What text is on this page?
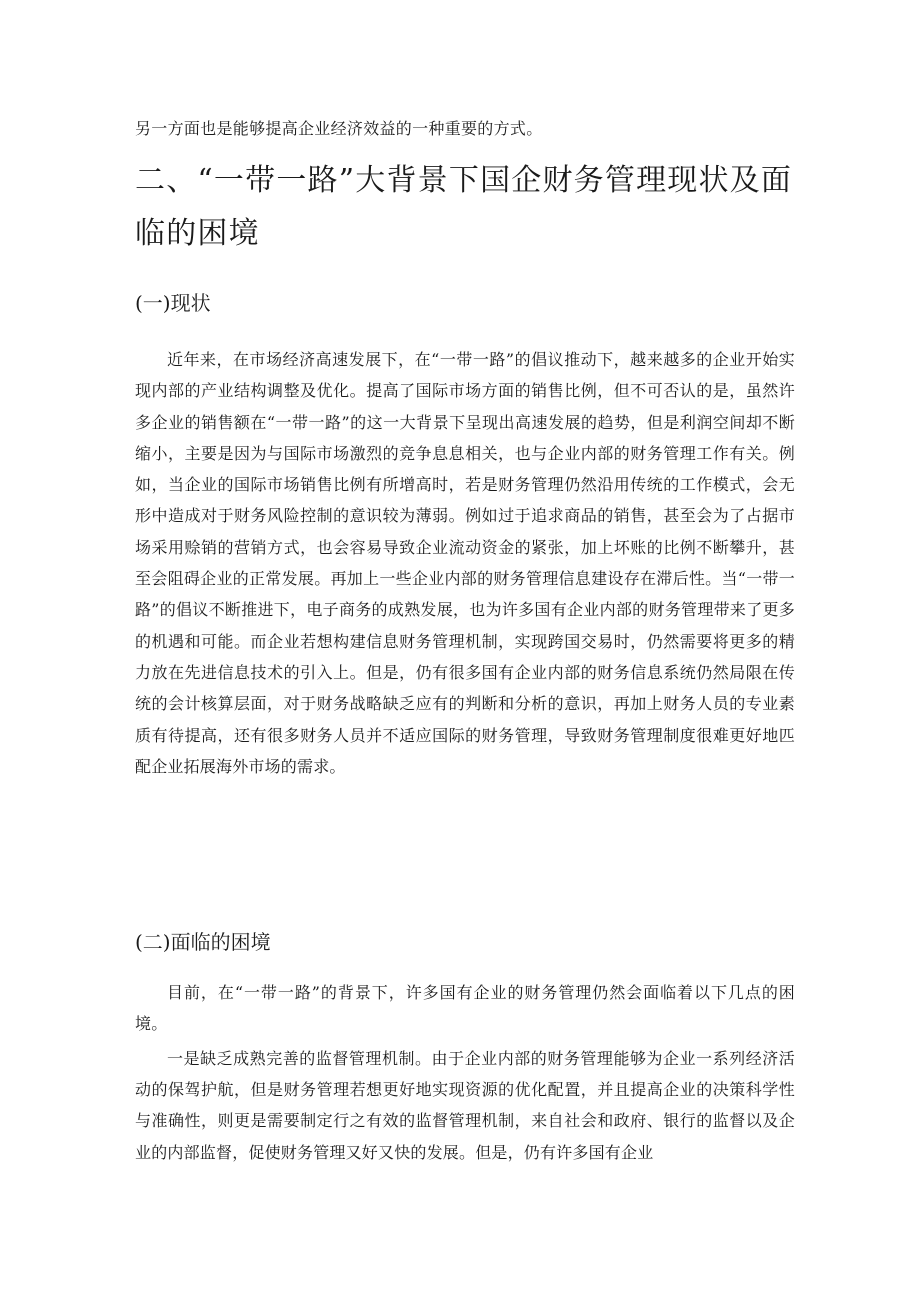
另一方面也是能够提高企业经济效益的一种重要的方式。
二、“一带一路”大背景下国企财务管理现状及面临的困境
(一)现状

近年来，在市场经济高速发展下，在“一带一路”的倡议推动下，越来越多的企业开始实现内部的产业结构调整及优化。提高了国际市场方面的销售比例，但不可否认的是，虽然许多企业的销售额在“一带一路”的这一大背景下呈现出高速发展的趋势，但是利润空间却不断缩小，主要是因为与国际市场激烈的竞争息息相关，也与企业内部的财务管理工作有关。例如，当企业的国际市场销售比例有所增高时，若是财务管理仍然沿用传统的工作模式，会无形中造成对于财务风险控制的意识较为薄弱。例如过于追求商品的销售，甚至会为了占据市场采用赊销的营销方式，也会容易导致企业流动资金的紧张，加上坏账的比例不断攀升，甚至会阻碍企业的正常发展。再加上一些企业内部的财务管理信息建设存在滞后性。当“一带一路”的倡议不断推进下，电子商务的成熟发展，也为许多国有企业内部的财务管理带来了更多的机遇和可能。而企业若想构建信息财务管理机制，实现跨国交易时，仍然需要将更多的精力放在先进信息技术的引入上。但是，仍有很多国有企业内部的财务信息系统仍然局限在传统的会计核算层面，对于财务战略缺乏应有的判断和分析的意识，再加上财务人员的专业素质有待提高，还有很多财务人员并不适应国际的财务管理，导致财务管理制度很难更好地匹配企业拓展海外市场的需求。

(二)面临的困境

目前，在“一带一路”的背景下，许多国有企业的财务管理仍然会面临着以下几点的困境。

一是缺乏成熟完善的监督管理机制。由于企业内部的财务管理能够为企业一系列经济活动的保驾护航，但是财务管理若想更好地实现资源的优化配置，并且提高企业的决策科学性与准确性，则更是需要制定行之有效的监督管理机制，来自社会和政府、银行的监督以及企业的内部监督，促使财务管理又好又快的发展。但是，仍有许多国有企业
